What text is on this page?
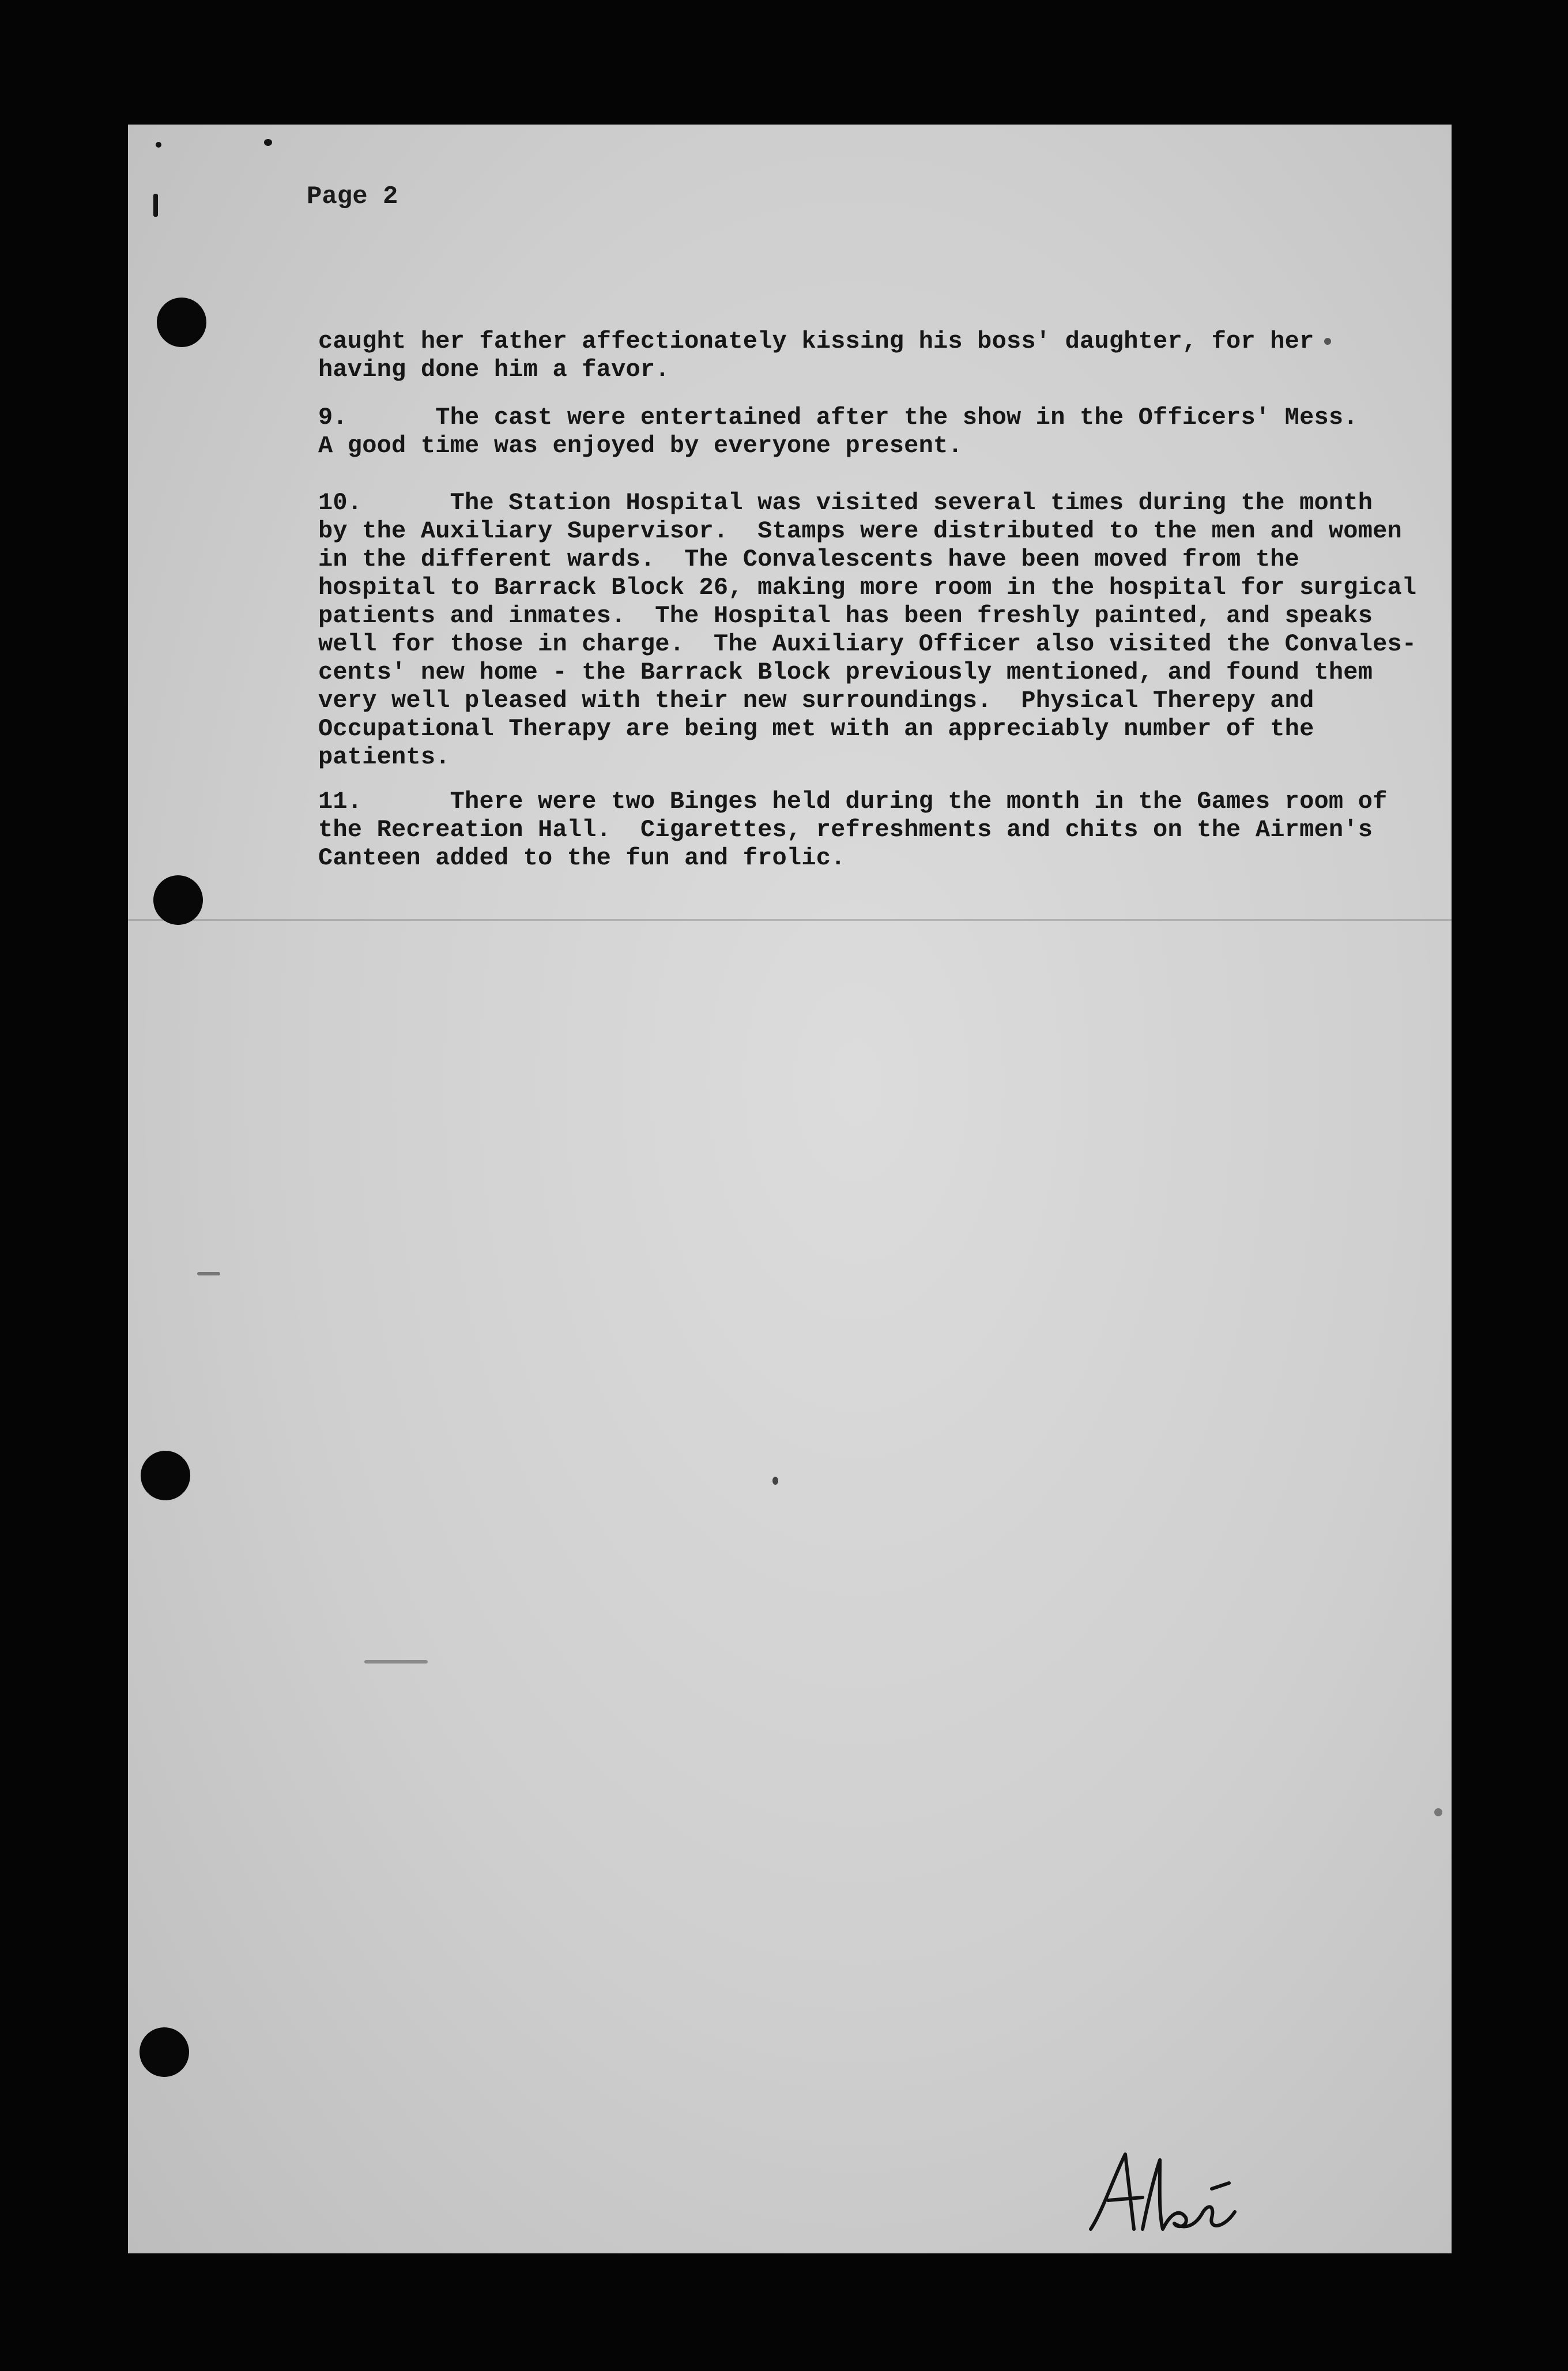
Page 2

caught her father affectionately kissing his boss' daughter, for her
having done him a favor.

9.      The cast were entertained after the show in the Officers' Mess.
A good time was enjoyed by everyone present.

10.      The Station Hospital was visited several times during the month
by the Auxiliary Supervisor.  Stamps were distributed to the men and women
in the different wards.  The Convalescents have been moved from the
hospital to Barrack Block 26, making more room in the hospital for surgical
patients and inmates.  The Hospital has been freshly painted, and speaks
well for those in charge.  The Auxiliary Officer also visited the Convales-
cents' new home - the Barrack Block previously mentioned, and found them
very well pleased with their new surroundings.  Physical Therepy and
Occupational Therapy are being met with an appreciably number of the
patients.

11.      There were two Binges held during the month in the Games room of
the Recreation Hall.  Cigarettes, refreshments and chits on the Airmen's
Canteen added to the fun and frolic.
